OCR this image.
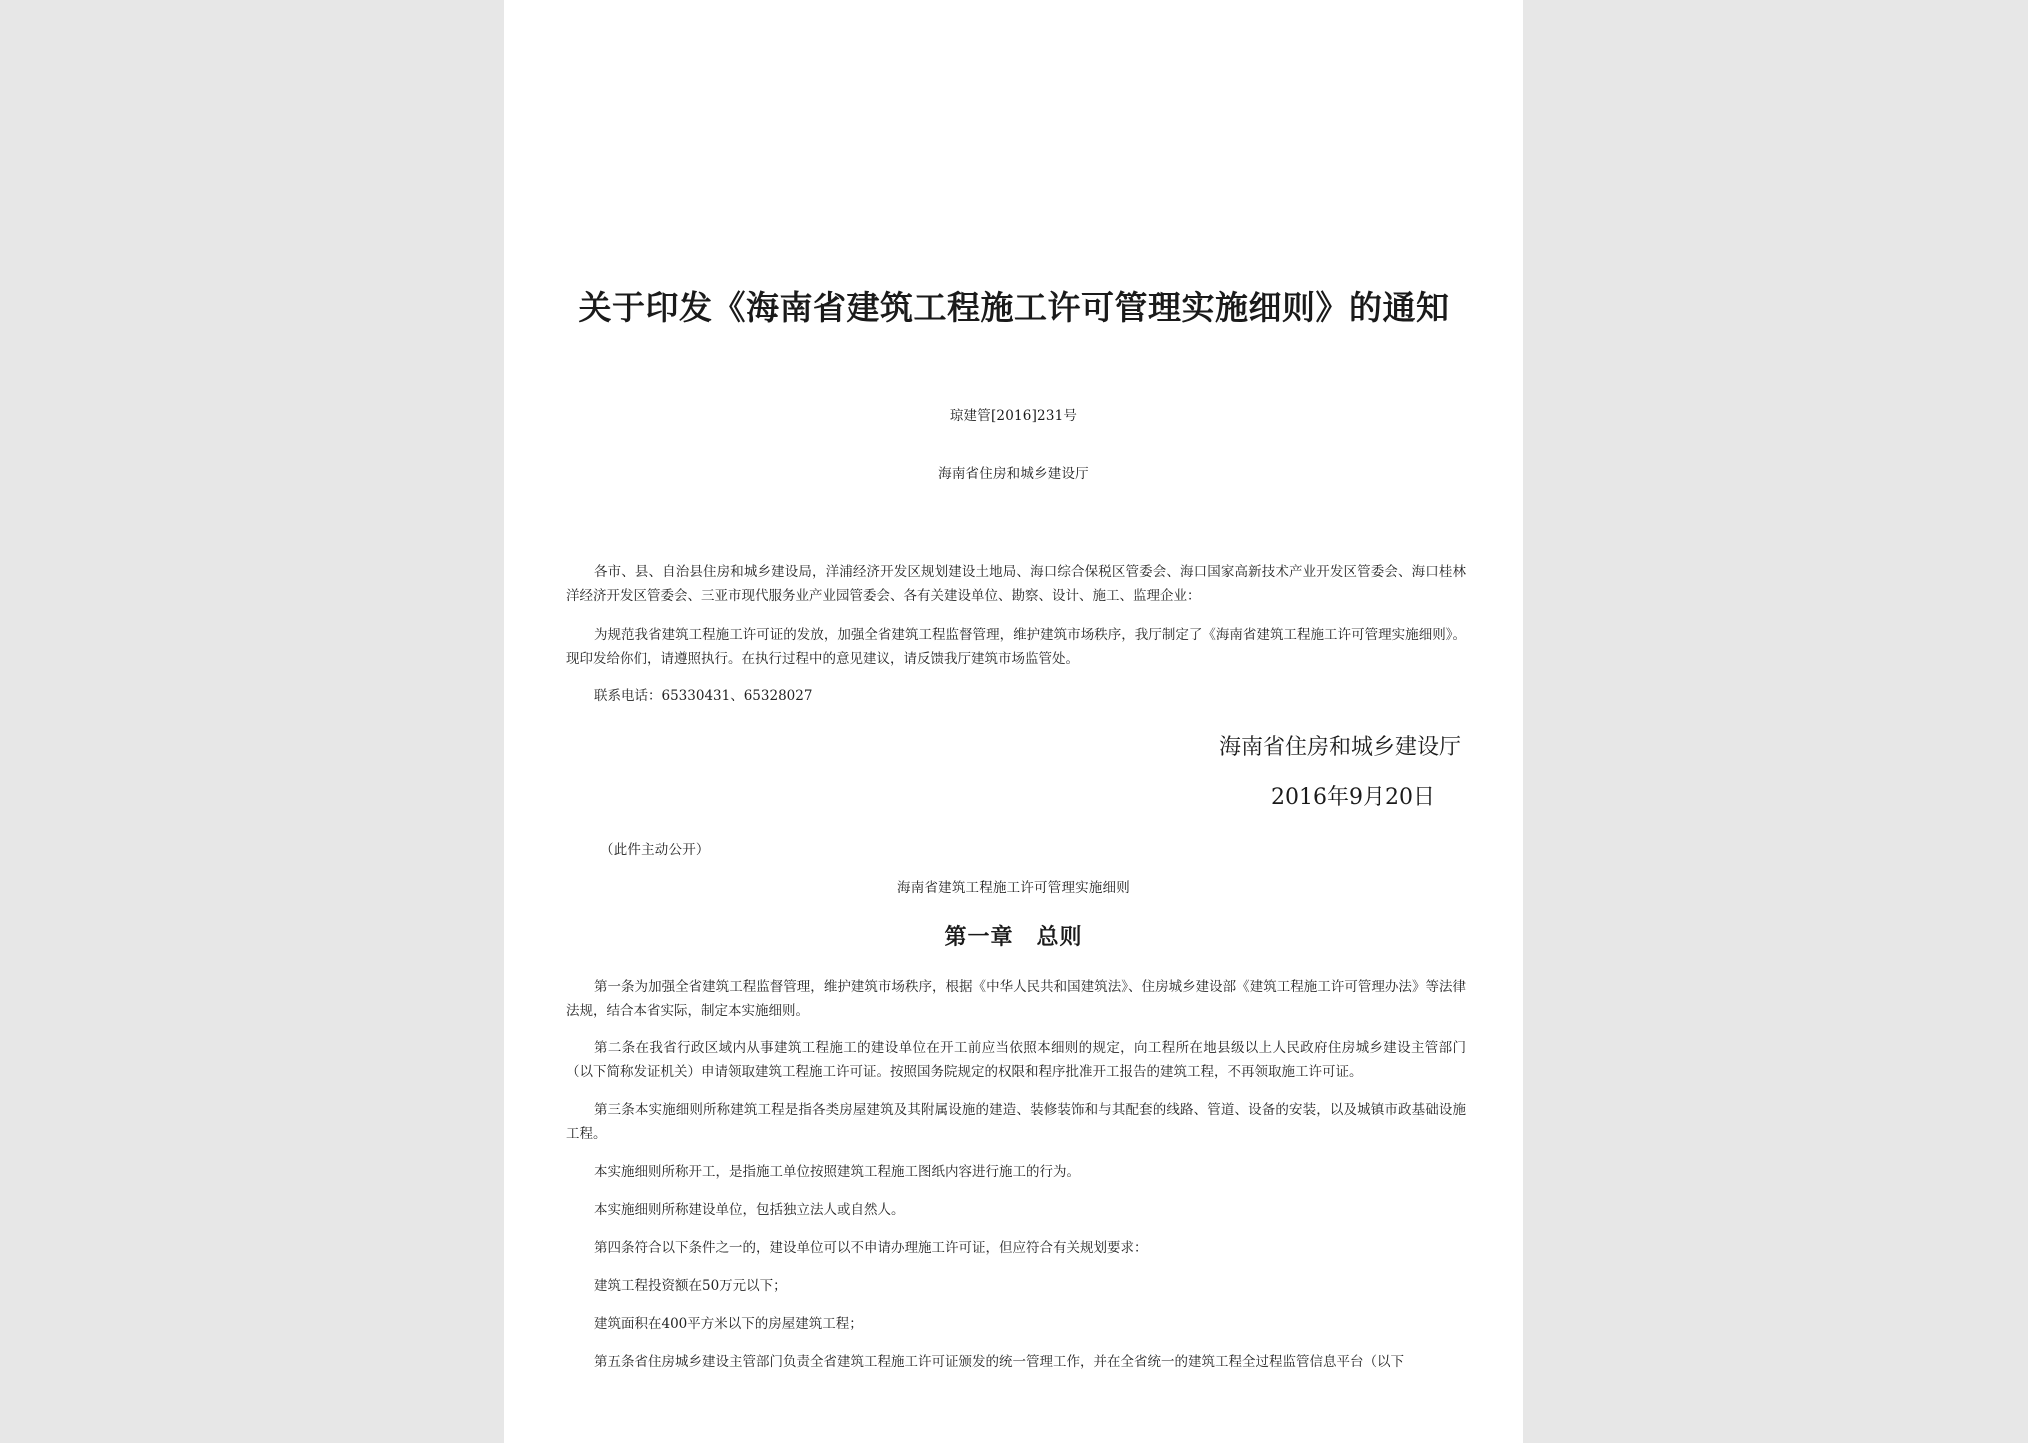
关于印发《海南省建筑工程施工许可管理实施细则》的通知
琼建管[2016]231号
海南省住房和城乡建设厅
各市、县、自治县住房和城乡建设局，洋浦经济开发区规划建设土地局、海口综合保税区管委会、海口国家高新技术产业开发区管委会、海口桂林洋经济开发区管委会、三亚市现代服务业产业园管委会、各有关建设单位、勘察、设计、施工、监理企业：
为规范我省建筑工程施工许可证的发放，加强全省建筑工程监督管理，维护建筑市场秩序，我厅制定了《海南省建筑工程施工许可管理实施细则》。现印发给你们，请遵照执行。在执行过程中的意见建议，请反馈我厅建筑市场监管处。
联系电话：65330431、65328027
海南省住房和城乡建设厅
2016年9月20日
（此件主动公开）
海南省建筑工程施工许可管理实施细则
第一章　总则
第一条为加强全省建筑工程监督管理，维护建筑市场秩序，根据《中华人民共和国建筑法》、住房城乡建设部《建筑工程施工许可管理办法》等法律法规，结合本省实际，制定本实施细则。
第二条在我省行政区域内从事建筑工程施工的建设单位在开工前应当依照本细则的规定，向工程所在地县级以上人民政府住房城乡建设主管部门（以下简称发证机关）申请领取建筑工程施工许可证。按照国务院规定的权限和程序批准开工报告的建筑工程，不再领取施工许可证。
第三条本实施细则所称建筑工程是指各类房屋建筑及其附属设施的建造、装修装饰和与其配套的线路、管道、设备的安装，以及城镇市政基础设施工程。
本实施细则所称开工，是指施工单位按照建筑工程施工图纸内容进行施工的行为。
本实施细则所称建设单位，包括独立法人或自然人。
第四条符合以下条件之一的，建设单位可以不申请办理施工许可证，但应符合有关规划要求：
建筑工程投资额在50万元以下；
建筑面积在400平方米以下的房屋建筑工程；
第五条省住房城乡建设主管部门负责全省建筑工程施工许可证颁发的统一管理工作，并在全省统一的建筑工程全过程监管信息平台（以下
